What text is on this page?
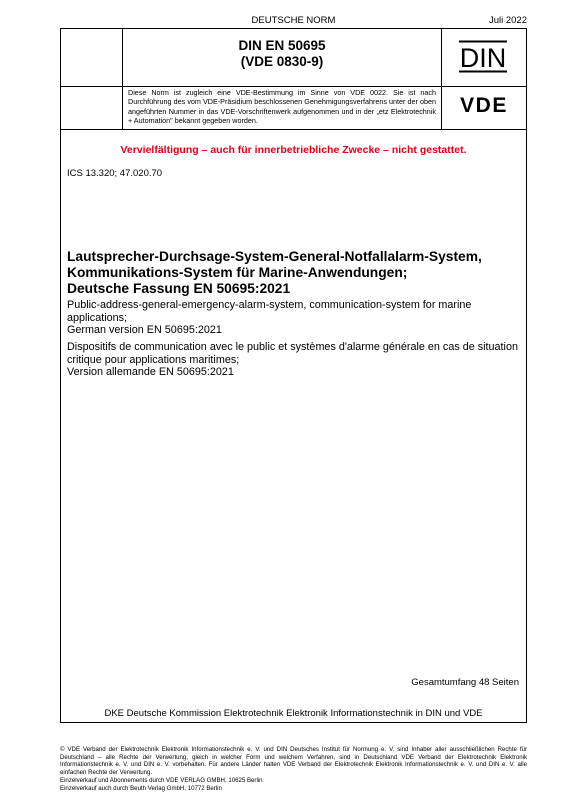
DEUTSCHE NORM	Juli 2022
DIN EN 50695
(VDE 0830-9)
Diese Norm ist zugleich eine VDE-Bestimmung im Sinne von VDE 0022. Sie ist nach Durchführung des vom VDE-Präsidium beschlossenen Genehmigungsverfahrens unter der oben angeführten Nummer in das VDE-Vorschriftenwerk aufgenommen und in der „etz Elektrotechnik + Automation" bekannt gegeben worden.
DIN
VDE
Vervielfältigung – auch für innerbetriebliche Zwecke – nicht gestattet.
ICS 13.320; 47.020.70
Lautsprecher-Durchsage-System-General-Notfallalarm-System,
Kommunikations-System für Marine-Anwendungen;
Deutsche Fassung EN 50695:2021
Public-address-general-emergency-alarm-system, communication-system for marine
applications;
German version EN 50695:2021
Dispositifs de communication avec le public et systèmes d'alarme générale en cas de situation
critique pour applications maritimes;
Version allemande EN 50695:2021
Gesamtumfang 48 Seiten
DKE Deutsche Kommission Elektrotechnik Elektronik Informationstechnik in DIN und VDE
© VDE Verband der Elektrotechnik Elektronik Informationstechnik e. V. und DIN Deutsches Institut für Normung e. V. sind Inhaber aller ausschließlichen Rechte für Deutschland – alle Rechte der Verwertung, gleich in welcher Form und welchem Verfahren, sind in Deutschland VDE Verband der Elektrotechnik Elektronik Informationstechnik e. V. und DIN e. V. vorbehalten. Für andere Länder halten VDE Verband der Elektrotechnik Elektronik Informationstechnik e. V. und DIN e. V. alle einfachen Rechte der Verwertung.
Einzelverkauf und Abonnements durch VDE VERLAG GMBH, 10625 Berlin
Einzelverkauf auch durch Beuth Verlag GmbH, 10772 Berlin
